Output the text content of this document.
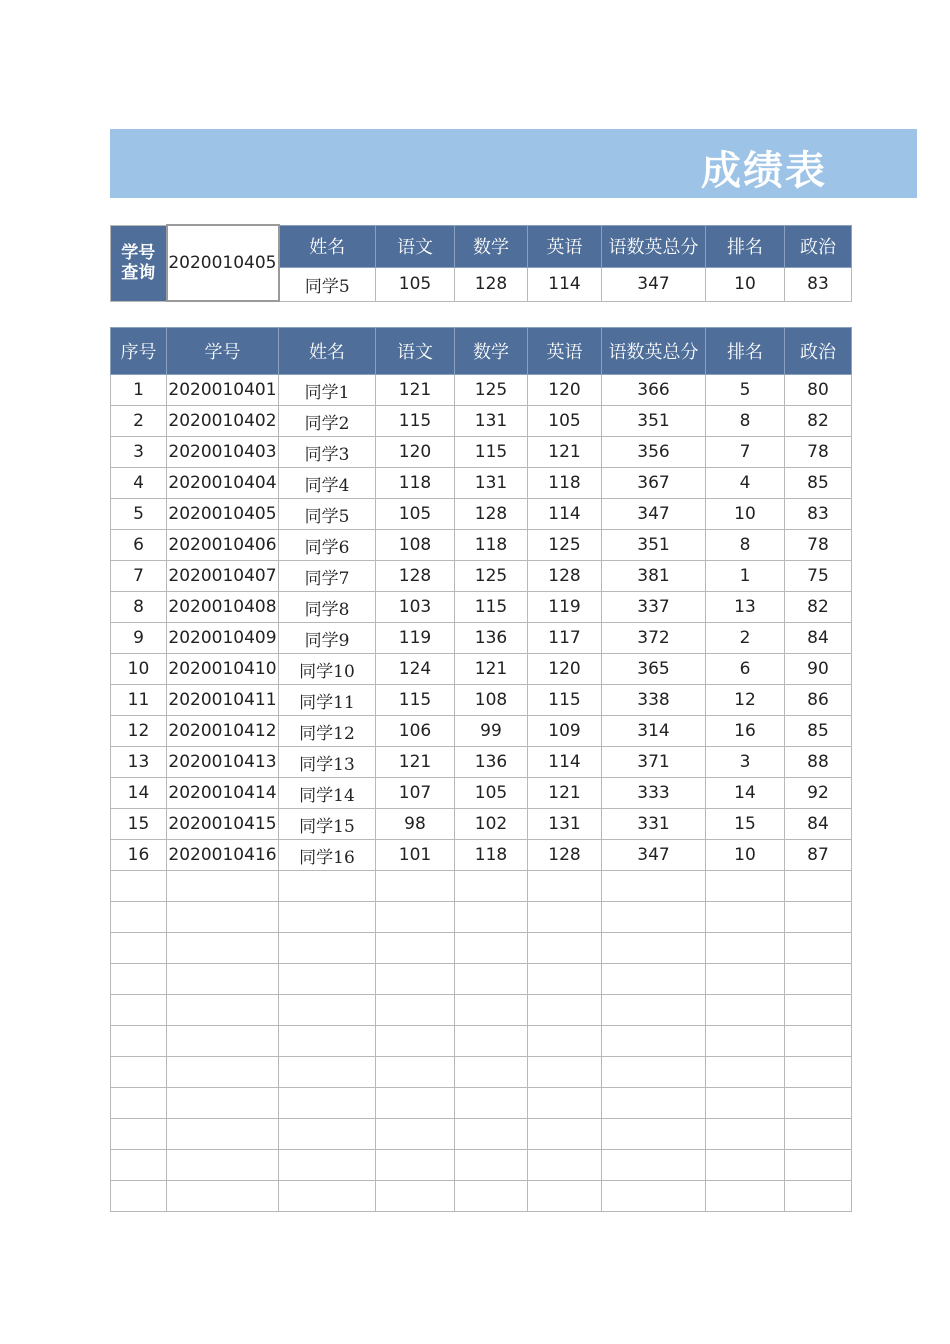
成绩表
学号
查询	2020010405	姓名	语文	数学	英语	语数英总分	排名	政治
		同学5	105	128	114	347	10	83
序号	学号	姓名	语文	数学	英语	语数英总分	排名	政治
1	2020010401	同学1	121	125	120	366	5	80
2	2020010402	同学2	115	131	105	351	8	82
3	2020010403	同学3	120	115	121	356	7	78
4	2020010404	同学4	118	131	118	367	4	85
5	2020010405	同学5	105	128	114	347	10	83
6	2020010406	同学6	108	118	125	351	8	78
7	2020010407	同学7	128	125	128	381	1	75
8	2020010408	同学8	103	115	119	337	13	82
9	2020010409	同学9	119	136	117	372	2	84
10	2020010410	同学10	124	121	120	365	6	90
11	2020010411	同学11	115	108	115	338	12	86
12	2020010412	同学12	106	99	109	314	16	85
13	2020010413	同学13	121	136	114	371	3	88
14	2020010414	同学14	107	105	121	333	14	92
15	2020010415	同学15	98	102	131	331	15	84
16	2020010416	同学16	101	118	128	347	10	87
